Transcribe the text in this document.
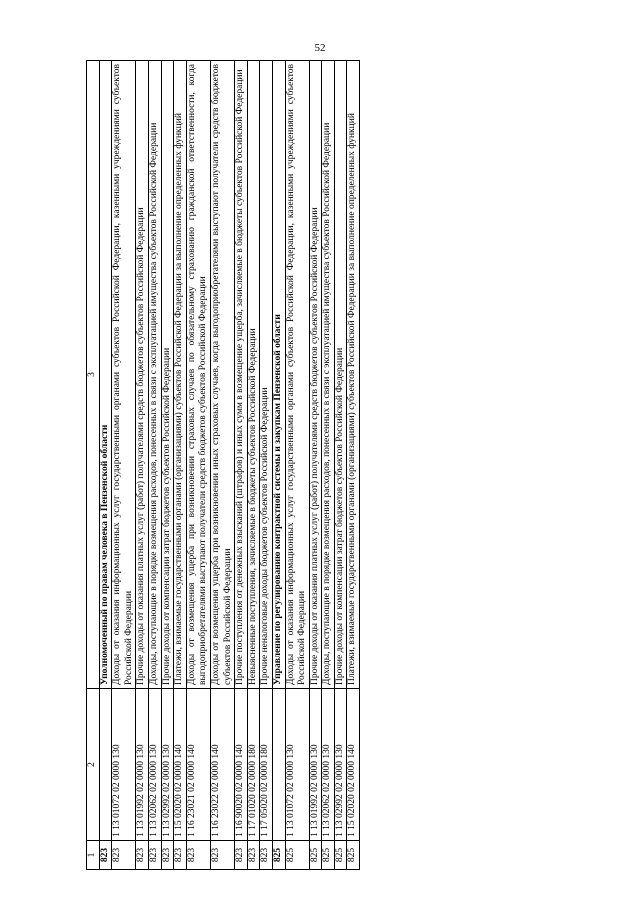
52
1	2	3
823		Уполномоченный по правам человека в Пензенской области
823	1 13 01072 02 0000 130	Доходы от оказания информационных услуг государственными органами субъектов Российской Федерации, казенными учреждениями субъектов Российской Федерации
823	1 13 01992 02 0000 130	Прочие доходы от оказания платных услуг (работ) получателями средств бюджетов субъектов Российской Федерации
823	1 13 02062 02 0000 130	Доходы, поступающие в порядке возмещения расходов, понесенных в связи с эксплуатацией имущества субъектов Российской Федерации
823	1 13 02992 02 0000 130	Прочие доходы от компенсации затрат бюджетов субъектов Российской Федерации
823	1 15 02020 02 0000 140	Платежи, взимаемые государственными органами (организациями) субъектов Российской Федерации за выполнение определенных функций
823	1 16 23021 02 0000 140	Доходы от возмещения ущерба при возникновении страховых случаев по обязательному страхованию гражданской ответственности, когда выгодоприобретателями выступают получатели средств бюджетов субъектов Российской Федерации
823	1 16 23022 02 0000 140	Доходы от возмещения ущерба при возникновении иных страховых случаев, когда выгодоприобретателями выступают получатели средств бюджетов субъектов Российской Федерации
823	1 16 90020 02 0000 140	Прочие поступления от денежных взысканий (штрафов) и иных сумм в возмещение ущерба, зачисляемые в бюджеты субъектов Российской Федерации
823	1 17 01020 02 0000 180	Невыясненные поступления, зачисляемые в бюджеты субъектов Российской Федерации
823	1 17 05020 02 0000 180	Прочие неналоговые доходы бюджетов субъектов Российской Федерации
825		Управление по регулированию контрактной системы и закупкам Пензенской области
825	1 13 01072 02 0000 130	Доходы от оказания информационных услуг государственными органами субъектов Российской Федерации, казенными учреждениями субъектов Российской Федерации
825	1 13 01992 02 0000 130	Прочие доходы от оказания платных услуг (работ) получателями средств бюджетов субъектов Российской Федерации
825	1 13 02062 02 0000 130	Доходы, поступающие в порядке возмещения расходов, понесенных в связи с эксплуатацией имущества субъектов Российской Федерации
825	1 13 02992 02 0000 130	Прочие доходы от компенсации затрат бюджетов субъектов Российской Федерации
825	1 15 02020 02 0000 140	Платежи, взимаемые государственными органами (организациями) субъектов Российской Федерации за выполнение определенных функций
